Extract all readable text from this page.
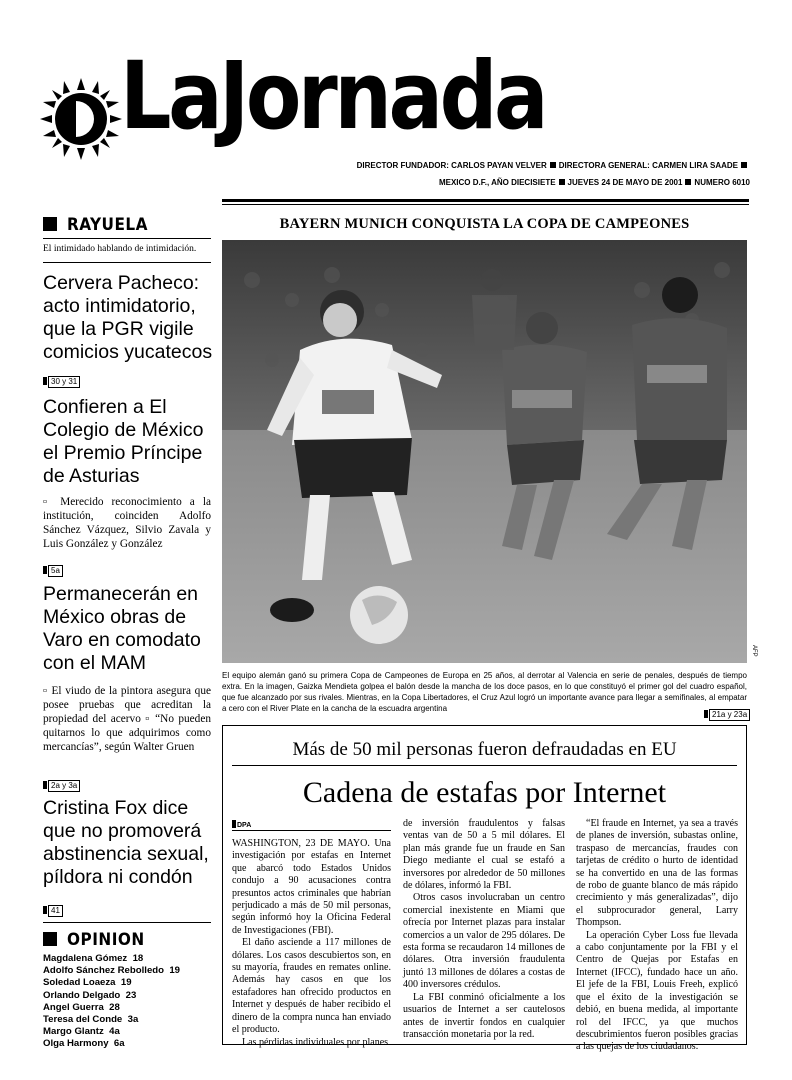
LaJornada
DIRECTOR FUNDADOR: CARLOS PAYAN VELVER DIRECTORA GENERAL: CARMEN LIRA SAADE
MEXICO D.F., AÑO DIECISIETE JUEVES 24 DE MAYO DE 2001 NUMERO 6010
RAYUELA
El intimidado hablando de intimidación.
Cervera Pacheco: acto intimidatorio, que la PGR vigile comicios yucatecos
30 y 31
Confieren a El Colegio de México el Premio Príncipe de Asturias
▫ Merecido reconocimiento a la institución, coinciden Adolfo Sánchez Vázquez, Silvio Zavala y Luis González y González
5a
Permanecerán en México obras de Varo en comodato con el MAM
▫ El viudo de la pintora asegura que posee pruebas que acreditan la propiedad del acervo ▫ “No pueden quitarnos lo que adquirimos como mercancías”, según Walter Gruen
2a y 3a
Cristina Fox dice que no promoverá abstinencia sexual, píldora ni condón
41
OPINION
Magdalena Gómez 18
Adolfo Sánchez Rebolledo 19
Soledad Loaeza 19
Orlando Delgado 23
Angel Guerra 28
Teresa del Conde 3a
Margo Glantz 4a
Olga Harmony 6a
BAYERN MUNICH CONQUISTA LA COPA DE CAMPEONES
AFP
El equipo alemán ganó su primera Copa de Campeones de Europa en 25 años, al derrotar al Valencia en serie de penales, después de tiempo extra. En la imagen, Gaizka Mendieta golpea el balón desde la mancha de los doce pasos, en lo que constituyó el primer gol del cuadro español, que fue alcanzado por sus rivales. Mientras, en la Copa Libertadores, el Cruz Azul logró un importante avance para llegar a semifinales, al empatar a cero con el River Plate en la cancha de la escuadra argentina
21a y 23a
Más de 50 mil personas fueron defraudadas en EU
Cadena de estafas por Internet
DPA

WASHINGTON, 23 DE MAYO. Una investigación por estafas en Internet que abarcó todo Estados Unidos condujo a 90 acusaciones contra presuntos actos criminales que habrían perjudicado a más de 50 mil personas, según informó hoy la Oficina Federal de Investigaciones (FBI).

El daño asciende a 117 millones de dólares. Los casos descubiertos son, en su mayoría, fraudes en remates online. Además hay casos en que los estafadores han ofrecido productos en Internet y después de haber recibido el dinero de la compra nunca han enviado el producto.

Las pérdidas individuales por planes

de inversión fraudulentos y falsas ventas van de 50 a 5 mil dólares. El plan más grande fue un fraude en San Diego mediante el cual se estafó a inversores por alrededor de 50 millones de dólares, informó la FBI.

Otros casos involucraban un centro comercial inexistente en Miami que ofrecía por Internet plazas para instalar comercios a un valor de 295 dólares. De esta forma se recaudaron 14 millones de dólares. Otra inversión fraudulenta juntó 13 millones de dólares a costas de 400 inversores crédulos.

La FBI conminó oficialmente a los usuarios de Internet a ser cautelosos antes de invertir fondos en cualquier transacción monetaria por la red.

“El fraude en Internet, ya sea a través de planes de inversión, subastas online, traspaso de mercancías, fraudes con tarjetas de crédito o hurto de identidad se ha convertido en una de las formas de robo de guante blanco de más rápido crecimiento y más generalizadas”, dijo el subprocurador general, Larry Thompson.

La operación Cyber Loss fue llevada a cabo conjuntamente por la FBI y el Centro de Quejas por Estafas en Internet (IFCC), fundado hace un año. El jefe de la FBI, Louis Freeh, explicó que el éxito de la investigación se debió, en buena medida, al importante rol del IFCC, ya que muchos descubrimientos fueron posibles gracias a las quejas de los ciudadanos.
